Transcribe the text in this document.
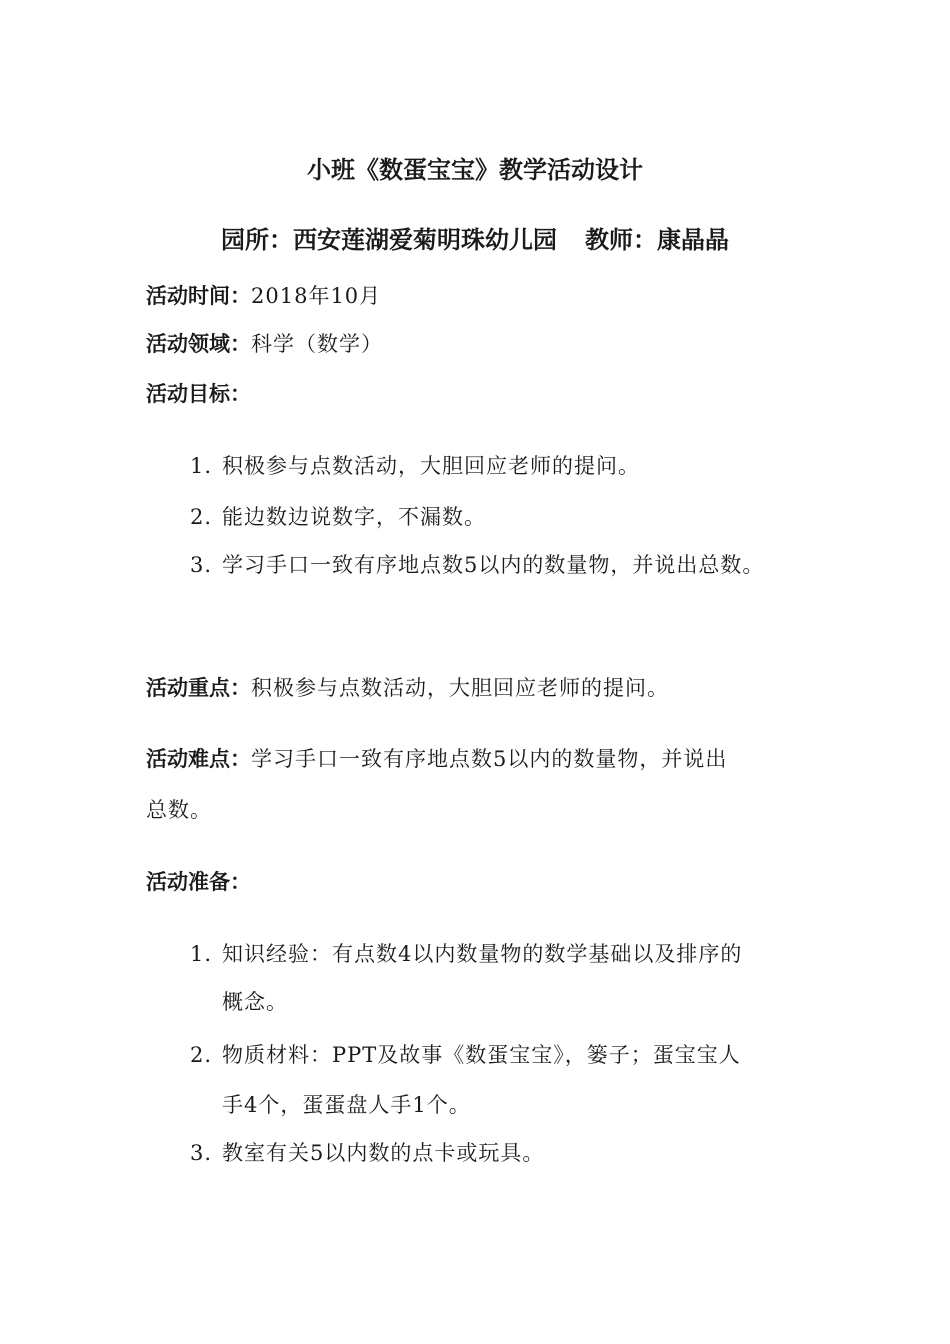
小班《数蛋宝宝》教学活动设计
园所：西安莲湖爱菊明珠幼儿园 教师：康晶晶
活动时间：2018年10月
活动领域：科学（数学）
活动目标：
1. 积极参与点数活动，大胆回应老师的提问。
2. 能边数边说数字，不漏数。
3. 学习手口一致有序地点数5以内的数量物，并说出总数。
活动重点：积极参与点数活动，大胆回应老师的提问。
活动难点：学习手口一致有序地点数5以内的数量物，并说出
总数。
活动准备：
1. 知识经验：有点数4以内数量物的数学基础以及排序的
概念。
2. 物质材料：PPT及故事《数蛋宝宝》，篓子；蛋宝宝人
手4个，蛋蛋盘人手1个。
3. 教室有关5以内数的点卡或玩具。
